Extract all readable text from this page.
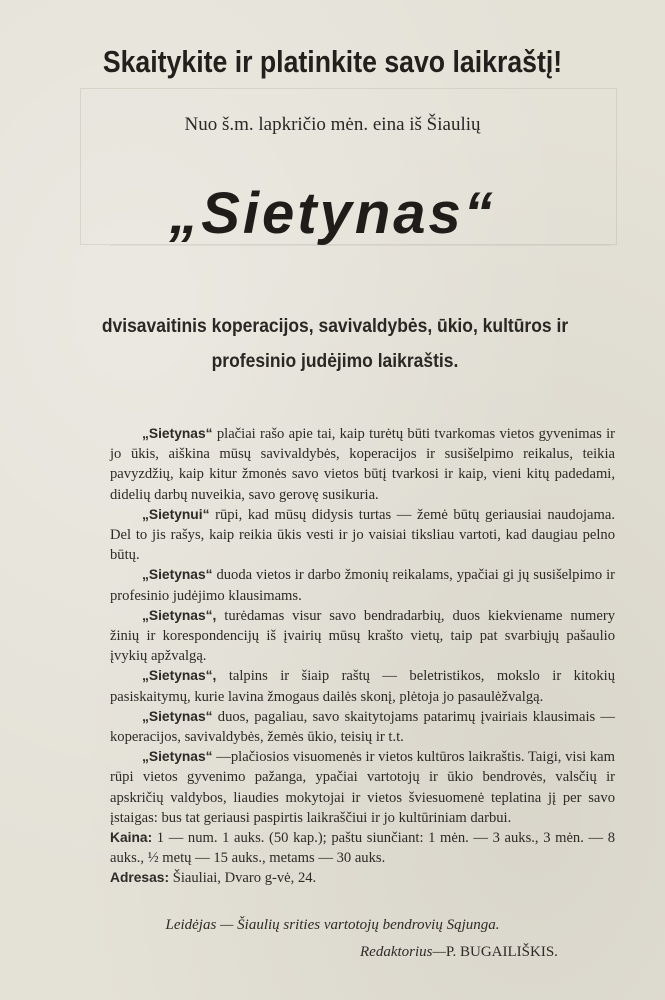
Skaitykite ir platinkite savo laikraštį!
Nuo š.m. lapkričio mėn. eina iš Šiaulių
„Sietynas“
dvisavaitinis koperacijos, savivaldybės, ūkio, kultūros ir profesinio judėjimo laikraštis.

„Sietynas“ plačiai rašo apie tai, kaip turėtų būti tvarkomas vietos gyvenimas ir jo ūkis, aiškina mūsų savivaldybės, koperacijos ir susišelpimo reikalus, teikia pavyzdžių, kaip kitur žmonės savo vietos būtį tvarkosi ir kaip, vieni kitų padedami, didelių darbų nuveikia, savo gerovę susikuria.

„Sietynui“ rūpi, kad mūsų didysis turtas — žemė būtų geriausiai naudojama. Del to jis rašys, kaip reikia ūkis vesti ir jo vaisiai tiksliau vartoti, kad daugiau pelno būtų.

„Sietynas“ duoda vietos ir darbo žmonių reikalams, ypačiai gi jų susišelpimo ir profesinio judėjimo klausimams.

„Sietynas“, turėdamas visur savo bendradarbių, duos kiekviename numery žinių ir korespondencijų iš įvairių mūsų krašto vietų, taip pat svarbiųjų pašaulio įvykių apžvalgą.

„Sietynas“, talpins ir šiaip raštų — beletristikos, mokslo ir kitokių pasiskaitymų, kurie lavina žmogaus dailės skonį, plėtoja jo pasaulėžvalgą.

„Sietynas“ duos, pagaliau, savo skaitytojams patarimų įvairiais klausimais — koperacijos, savivaldybės, žemės ūkio, teisių ir t.t.

„Sietynas“ —plačiosios visuomenės ir vietos kultūros laikraštis. Taigi, visi kam rūpi vietos gyvenimo pažanga, ypačiai vartotojų ir ūkio bendrovės, valsčių ir apskričių valdybos, liaudies mokytojai ir vietos šviesuomenė teplatina jį per savo įstaigas: bus tat geriausi paspirtis laikraščiui ir jo kultūriniam darbui.

Kaina: 1 — num. 1 auks. (50 kap.); paštu siunčiant: 1 mėn. — 3 auks., 3 mėn. — 8 auks., ½ metų — 15 auks., metams — 30 auks.

Adresas: Šiauliai, Dvaro g-vė, 24.

Leidėjas — Šiaulių srities vartotojų bendrovių Sąjunga.
Redaktorius—P. BUGAILIŠKIS.
